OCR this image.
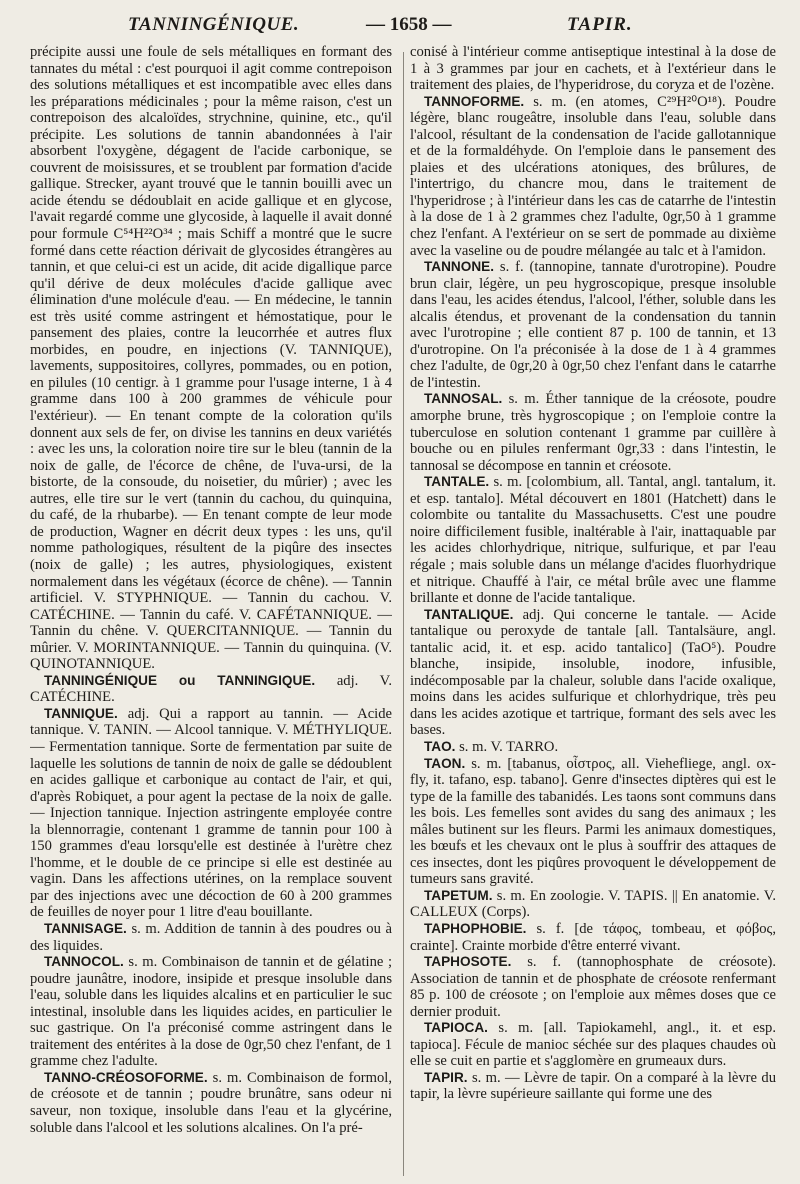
TANNINGÉNIQUE.	— 1658 —	TAPIR.

précipite aussi une foule de sels métalliques en formant des tannates du métal : c'est pourquoi il agit comme contrepoison des solutions métalliques et est incompatible avec elles dans les préparations médicinales ; pour la même raison, c'est un contrepoison des alcaloïdes, strychnine, quinine, etc., qu'il précipite. Les solutions de tannin abandonnées à l'air absorbent l'oxygène, dégagent de l'acide carbonique, se couvrent de moisissures, et se troublent par formation d'acide gallique. Strecker, ayant trouvé que le tannin bouilli avec un acide étendu se dédoublait en acide gallique et en glycose, l'avait regardé comme une glycoside, à laquelle il avait donné pour formule C⁵⁴H²²O³⁴ ; mais Schiff a montré que le sucre formé dans cette réaction dérivait de glycosides étrangères au tannin, et que celui-ci est un acide, dit acide digallique parce qu'il dérive de deux molécules d'acide gallique avec élimination d'une molécule d'eau. — En médecine, le tannin est très usité comme astringent et hémostatique, pour le pansement des plaies, contre la leucorrhée et autres flux morbides, en poudre, en injections (V. TANNIQUE), lavements, suppositoires, collyres, pommades, ou en potion, en pilules (10 centigr. à 1 gramme pour l'usage interne, 1 à 4 gramme dans 100 à 200 grammes de véhicule pour l'extérieur). — En tenant compte de la coloration qu'ils donnent aux sels de fer, on divise les tannins en deux variétés : avec les uns, la coloration noire tire sur le bleu (tannin de la noix de galle, de l'écorce de chêne, de l'uva-ursi, de la bistorte, de la consoude, du noisetier, du mûrier) ; avec les autres, elle tire sur le vert (tannin du cachou, du quinquina, du café, de la rhubarbe). — En tenant compte de leur mode de production, Wagner en décrit deux types : les uns, qu'il nomme pathologiques, résultent de la piqûre des insectes (noix de galle) ; les autres, physiologiques, existent normalement dans les végétaux (écorce de chêne). — Tannin artificiel. V. STYPHNIQUE. — Tannin du cachou. V. CATÉCHINE. — Tannin du café. V. CAFÉTANNIQUE. — Tannin du chêne. V. QUERCITANNIQUE. — Tannin du mûrier. V. MORINTANNIQUE. — Tannin du quinquina. (V. QUINOTANNIQUE.

TANNINGÉNIQUE ou TANNINGIQUE. adj. V. CATÉCHINE.

TANNIQUE. adj. Qui a rapport au tannin. — Acide tannique. V. TANIN. — Alcool tannique. V. MÉTHYLIQUE. — Fermentation tannique. Sorte de fermentation par suite de laquelle les solutions de tannin de noix de galle se dédoublent en acides gallique et carbonique au contact de l'air, et qui, d'après Robiquet, a pour agent la pectase de la noix de galle. — Injection tannique. Injection astringente employée contre la blennorragie, contenant 1 gramme de tannin pour 100 à 150 grammes d'eau lorsqu'elle est destinée à l'urètre chez l'homme, et le double de ce principe si elle est destinée au vagin. Dans les affections utérines, on la remplace souvent par des injections avec une décoction de 60 à 200 grammes de feuilles de noyer pour 1 litre d'eau bouillante.

TANNISAGE. s. m. Addition de tannin à des poudres ou à des liquides.

TANNOCOL. s. m. Combinaison de tannin et de gélatine ; poudre jaunâtre, inodore, insipide et presque insoluble dans l'eau, soluble dans les liquides alcalins et en particulier le suc intestinal, insoluble dans les liquides acides, en particulier le suc gastrique. On l'a préconisé comme astringent dans le traitement des entérites à la dose de 0gr,50 chez l'enfant, de 1 gramme chez l'adulte.

TANNO-CRÉOSOFORME. s. m. Combinaison de formol, de créosote et de tannin ; poudre brunâtre, sans odeur ni saveur, non toxique, insoluble dans l'eau et la glycérine, soluble dans l'alcool et les solutions alcalines. On l'a pré-

conisé à l'intérieur comme antiseptique intestinal à la dose de 1 à 3 grammes par jour en cachets, et à l'extérieur dans le traitement des plaies, de l'hyperidrose, du coryza et de l'ozène.

TANNOFORME. s. m. (en atomes, C²⁹H²⁰O¹⁸). Poudre légère, blanc rougeâtre, insoluble dans l'eau, soluble dans l'alcool, résultant de la condensation de l'acide gallotannique et de la formaldéhyde. On l'emploie dans le pansement des plaies et des ulcérations atoniques, des brûlures, de l'intertrigo, du chancre mou, dans le traitement de l'hyperidrose ; à l'intérieur dans les cas de catarrhe de l'intestin à la dose de 1 à 2 grammes chez l'adulte, 0gr,50 à 1 gramme chez l'enfant. A l'extérieur on se sert de pommade au dixième avec la vaseline ou de poudre mélangée au talc et à l'amidon.

TANNONE. s. f. (tannopine, tannate d'urotropine). Poudre brun clair, légère, un peu hygroscopique, presque insoluble dans l'eau, les acides étendus, l'alcool, l'éther, soluble dans les alcalis étendus, et provenant de la condensation du tannin avec l'urotropine ; elle contient 87 p. 100 de tannin, et 13 d'urotropine. On l'a préconisée à la dose de 1 à 4 grammes chez l'adulte, de 0gr,20 à 0gr,50 chez l'enfant dans le catarrhe de l'intestin.

TANNOSAL. s. m. Éther tannique de la créosote, poudre amorphe brune, très hygroscopique ; on l'emploie contre la tuberculose en solution contenant 1 gramme par cuillère à bouche ou en pilules renfermant 0gr,33 : dans l'intestin, le tannosal se décompose en tannin et créosote.

TANTALE. s. m. [colombium, all. Tantal, angl. tantalum, it. et esp. tantalo]. Métal découvert en 1801 (Hatchett) dans le colombite ou tantalite du Massachusetts. C'est une poudre noire difficilement fusible, inaltérable à l'air, inattaquable par les acides chlorhydrique, nitrique, sulfurique, et par l'eau régale ; mais soluble dans un mélange d'acides fluorhydrique et nitrique. Chauffé à l'air, ce métal brûle avec une flamme brillante et donne de l'acide tantalique.

TANTALIQUE. adj. Qui concerne le tantale. — Acide tantalique ou peroxyde de tantale [all. Tantalsäure, angl. tantalic acid, it. et esp. acido tantalico] (TaO⁵). Poudre blanche, insipide, insoluble, inodore, infusible, indécomposable par la chaleur, soluble dans l'acide oxalique, moins dans les acides sulfurique et chlorhydrique, très peu dans les acides azotique et tartrique, formant des sels avec les bases.

TAO. s. m. V. TARRO.

TAON. s. m. [tabanus, οἶστρος, all. Viehefliege, angl. ox-fly, it. tafano, esp. tabano]. Genre d'insectes diptères qui est le type de la famille des tabanidés. Les taons sont communs dans les bois. Les femelles sont avides du sang des animaux ; les mâles butinent sur les fleurs. Parmi les animaux domestiques, les bœufs et les chevaux ont le plus à souffrir des attaques de ces insectes, dont les piqûres provoquent le développement de tumeurs sans gravité.

TAPETUM. s. m. En zoologie. V. TAPIS. || En anatomie. V. CALLEUX (Corps).

TAPHOPHOBIE. s. f. [de τάφος, tombeau, et φόβος, crainte]. Crainte morbide d'être enterré vivant.

TAPHOSOTE. s. f. (tannophosphate de créosote). Association de tannin et de phosphate de créosote renfermant 85 p. 100 de créosote ; on l'emploie aux mêmes doses que ce dernier produit.

TAPIOCA. s. m. [all. Tapiokamehl, angl., it. et esp. tapioca]. Fécule de manioc séchée sur des plaques chaudes où elle se cuit en partie et s'agglomère en grumeaux durs.

TAPIR. s. m. — Lèvre de tapir. On a comparé à la lèvre du tapir, la lèvre supérieure saillante qui forme une des
